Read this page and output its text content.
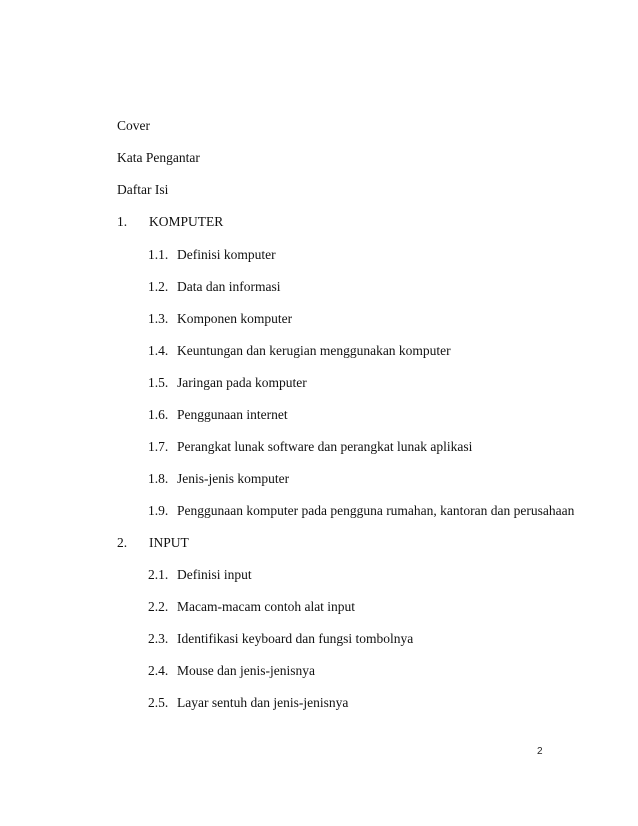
Cover
Kata Pengantar
Daftar Isi
1. KOMPUTER
1.1. Definisi komputer
1.2. Data dan informasi
1.3. Komponen komputer
1.4. Keuntungan dan kerugian menggunakan komputer
1.5. Jaringan pada komputer
1.6. Penggunaan internet
1.7. Perangkat lunak software dan perangkat lunak aplikasi
1.8. Jenis-jenis komputer
1.9. Penggunaan komputer pada pengguna rumahan, kantoran dan perusahaan
2. INPUT
2.1. Definisi input
2.2. Macam-macam contoh alat input
2.3. Identifikasi keyboard dan fungsi tombolnya
2.4. Mouse dan jenis-jenisnya
2.5. Layar sentuh dan jenis-jenisnya
2
